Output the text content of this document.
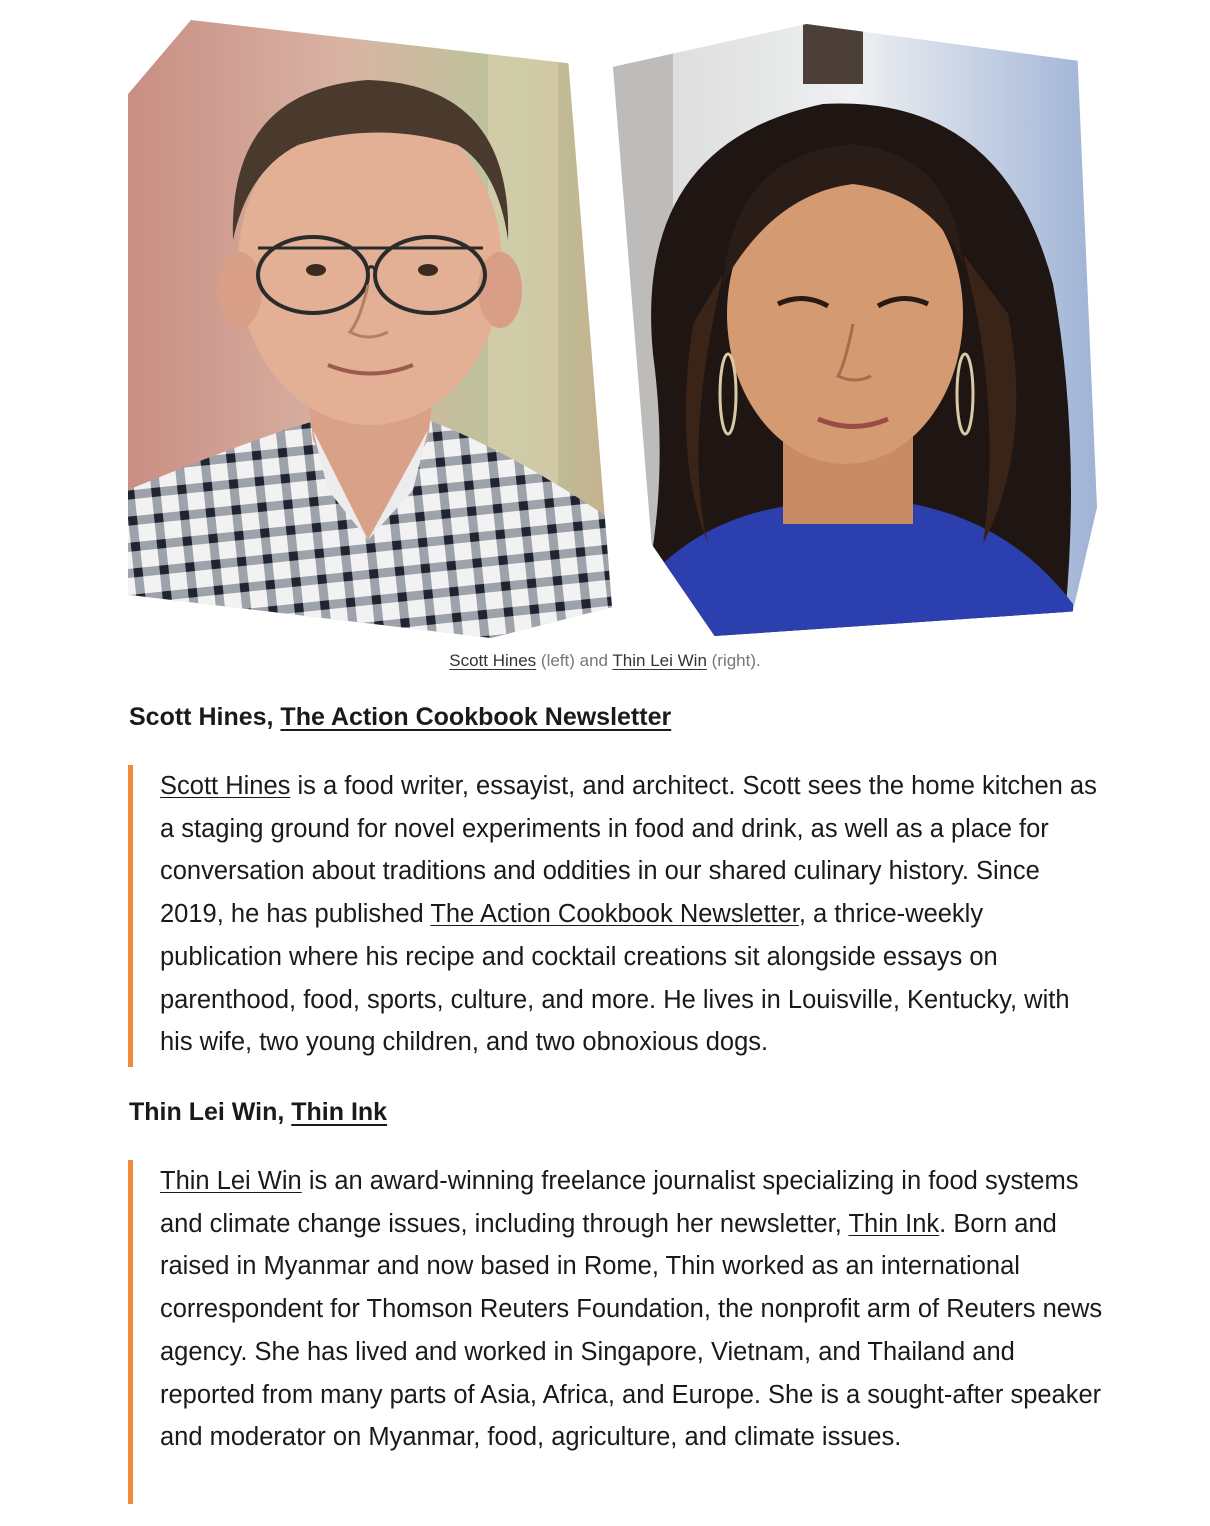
Scott Hines (left) and Thin Lei Win (right).
Scott Hines, The Action Cookbook Newsletter

Scott Hines is a food writer, essayist, and architect. Scott sees the home kitchen as a staging ground for novel experiments in food and drink, as well as a place for conversation about traditions and oddities in our shared culinary history. Since 2019, he has published The Action Cookbook Newsletter, a thrice-weekly publication where his recipe and cocktail creations sit alongside essays on parenthood, food, sports, culture, and more. He lives in Louisville, Kentucky, with his wife, two young children, and two obnoxious dogs.

Thin Lei Win, Thin Ink

Thin Lei Win is an award-winning freelance journalist specializing in food systems and climate change issues, including through her newsletter, Thin Ink. Born and raised in Myanmar and now based in Rome, Thin worked as an international correspondent for Thomson Reuters Foundation, the nonprofit arm of Reuters news agency. She has lived and worked in Singapore, Vietnam, and Thailand and reported from many parts of Asia, Africa, and Europe. She is a sought-after speaker and moderator on Myanmar, food, agriculture, and climate issues.
